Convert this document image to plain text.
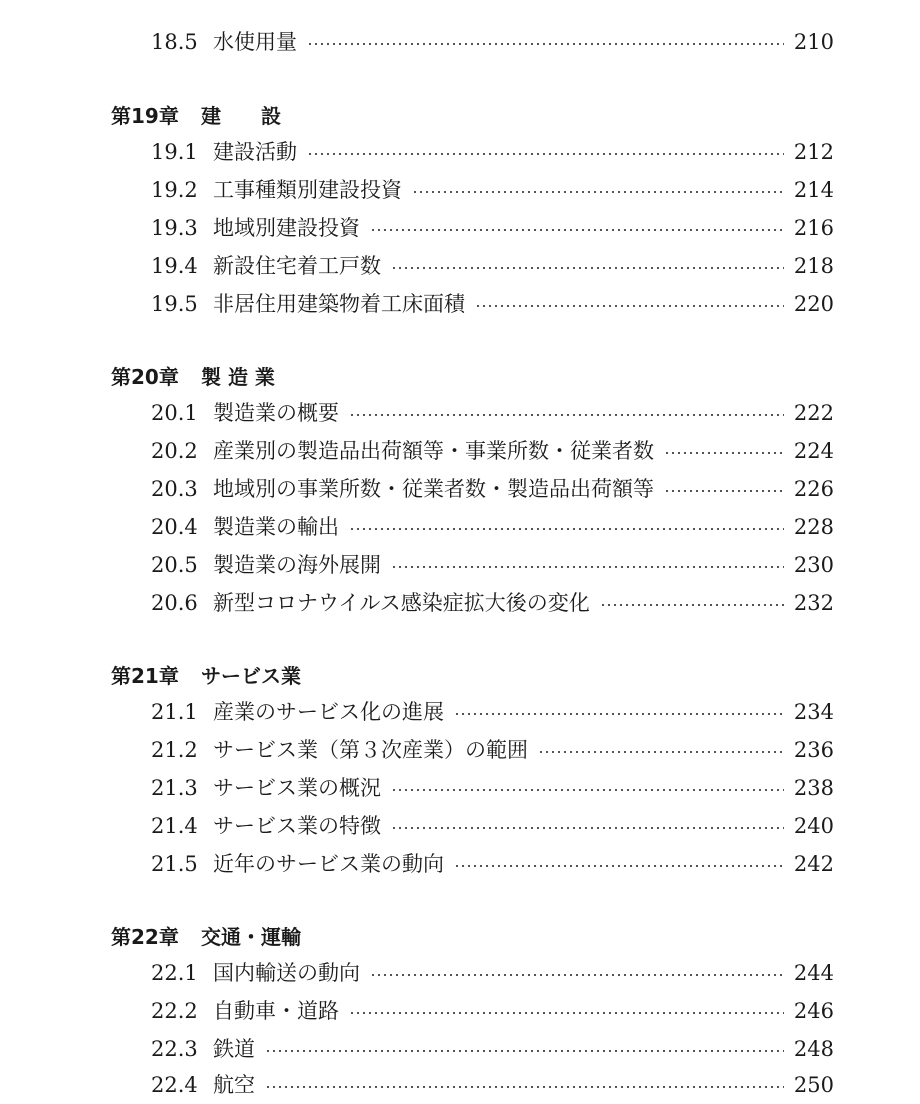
18.5 水使用量	210
第19章	建　　設
19.1 建設活動	212
19.2 工事種類別建設投資	214
19.3 地域別建設投資	216
19.4 新設住宅着工戸数	218
19.5 非居住用建築物着工床面積	220
第20章	製 造 業
20.1 製造業の概要	222
20.2 産業別の製造品出荷額等・事業所数・従業者数	224
20.3 地域別の事業所数・従業者数・製造品出荷額等	226
20.4 製造業の輸出	228
20.5 製造業の海外展開	230
20.6 新型コロナウイルス感染症拡大後の変化	232
第21章	サービス業
21.1 産業のサービス化の進展	234
21.2 サービス業（第３次産業）の範囲	236
21.3 サービス業の概況	238
21.4 サービス業の特徴	240
21.5 近年のサービス業の動向	242
第22章	交通・運輸
22.1 国内輸送の動向	244
22.2 自動車・道路	246
22.3 鉄道	248
22.4 航空	250
